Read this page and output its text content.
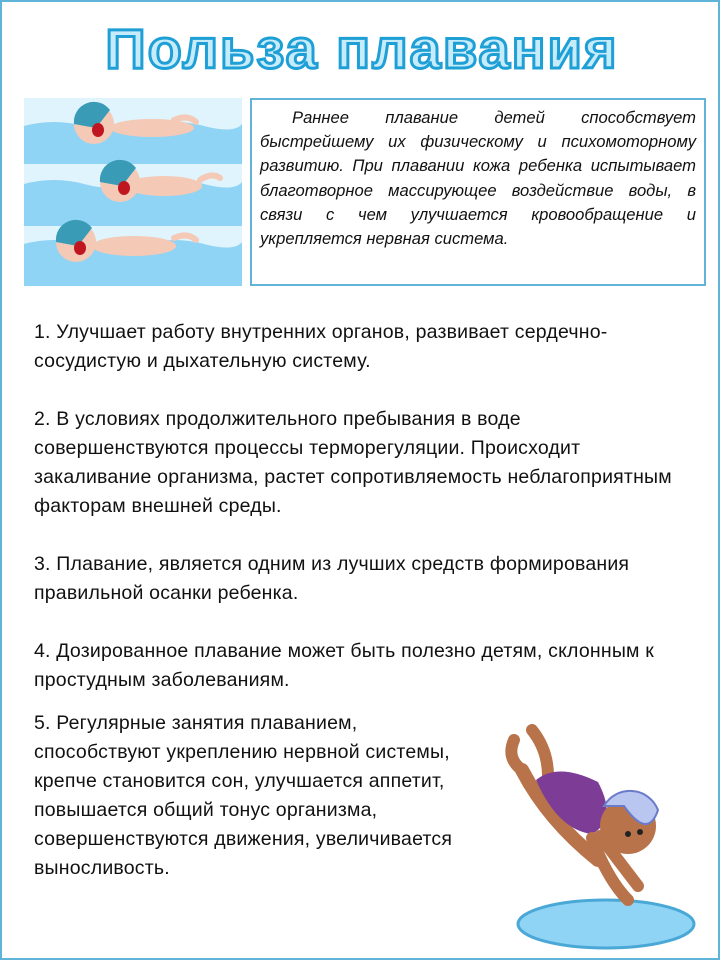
Польза плавания

Раннее плавание детей способствует быстрейшему их физическому и психомоторному развитию. При плавании кожа ребенка испытывает благотворное массирующее воздействие воды, в связи с чем улучшается кровообращение и укрепляется нервная система.

1. Улучшает работу внутренних органов, развивает сердечно-сосудистую и дыхательную систему.

2. В условиях продолжительного пребывания в воде совершенствуются процессы терморегуляции. Происходит закаливание организма, растет сопротивляемость неблагоприятным факторам внешней среды.

3. Плавание, является одним из лучших средств формирования правильной осанки ребенка.

4. Дозированное плавание может быть полезно детям, склонным к простудным заболеваниям.

5. Регулярные занятия плаванием, способствуют укреплению нервной системы, крепче становится сон, улучшается аппетит, повышается общий тонус организма, совершенствуются движения, увеличивается выносливость.
